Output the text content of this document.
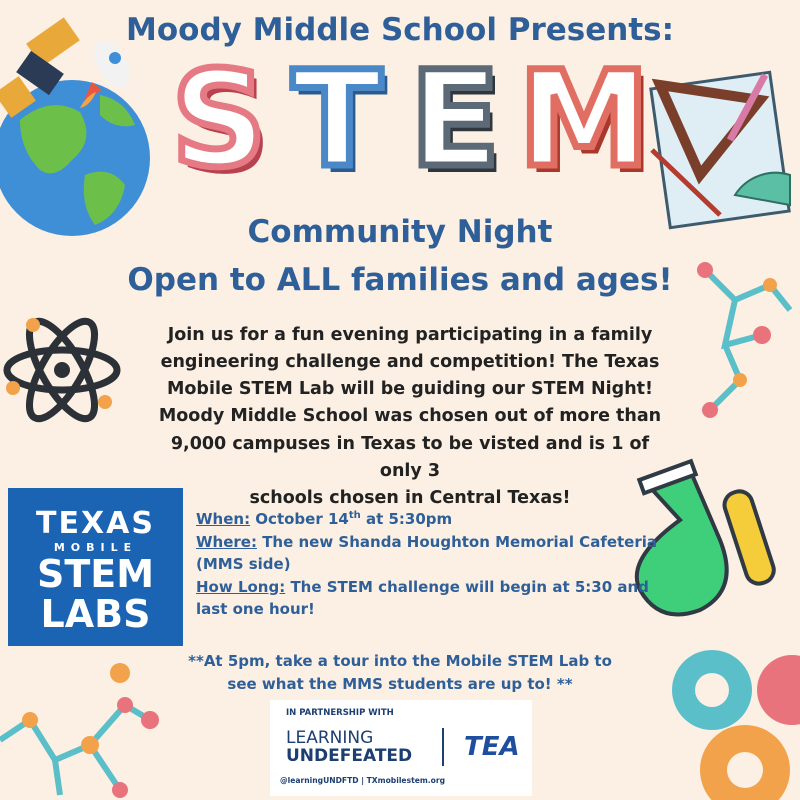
Moody Middle School Presents:
S T E M
Community Night
Open to ALL families and ages!
Join us for a fun evening participating in a family
engineering challenge and competition! The Texas
Mobile STEM Lab will be guiding our STEM Night!
Moody Middle School was chosen out of more than
9,000 campuses in Texas to be visted and is 1 of only 3
schools chosen in Central Texas!
TEXAS
MOBILE
STEM
LABS
When: October 14th at 5:30pm
Where: The new Shanda Houghton Memorial Cafeteria (MMS side)
How Long: The STEM challenge will begin at 5:30 and last one hour!
**At 5pm, take a tour into the Mobile STEM Lab to see what the MMS students are up to! **
IN PARTNERSHIP WITH
LEARNING
UNDEFEATED TEA
@learningUNDFTD | TXmobilestem.org
